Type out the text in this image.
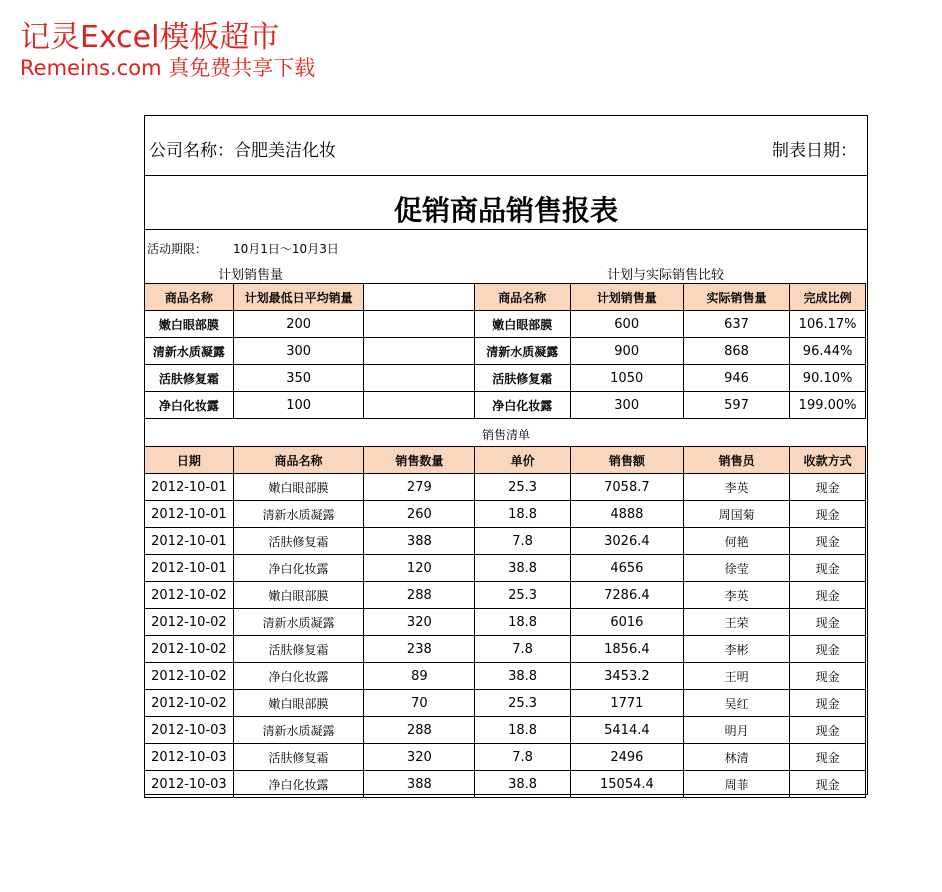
记灵Excel模板超市
Remeins.com 真免费共享下载
公司名称：合肥美洁化妆	制表日期：
促销商品销售报表
活动期限： 10月1日～10月3日
计划销售量	计划与实际销售比较
商品名称	计划最低日平均销量		商品名称	计划销售量	实际销售量	完成比例
嫩白眼部膜	200		嫩白眼部膜	600	637	106.17%
清新水质凝露	300		清新水质凝露	900	868	96.44%
活肤修复霜	350		活肤修复霜	1050	946	90.10%
净白化妆露	100		净白化妆露	300	597	199.00%
销售清单
日期	商品名称	销售数量	单价	销售额	销售员	收款方式
2012-10-01	嫩白眼部膜	279	25.3	7058.7	李英	现金
2012-10-01	清新水质凝露	260	18.8	4888	周国菊	现金
2012-10-01	活肤修复霜	388	7.8	3026.4	何艳	现金
2012-10-01	净白化妆露	120	38.8	4656	徐莹	现金
2012-10-02	嫩白眼部膜	288	25.3	7286.4	李英	现金
2012-10-02	清新水质凝露	320	18.8	6016	王荣	现金
2012-10-02	活肤修复霜	238	7.8	1856.4	李彬	现金
2012-10-02	净白化妆露	89	38.8	3453.2	王明	现金
2012-10-02	嫩白眼部膜	70	25.3	1771	吴红	现金
2012-10-03	清新水质凝露	288	18.8	5414.4	明月	现金
2012-10-03	活肤修复霜	320	7.8	2496	林清	现金
2012-10-03	净白化妆露	388	38.8	15054.4	周菲	现金
